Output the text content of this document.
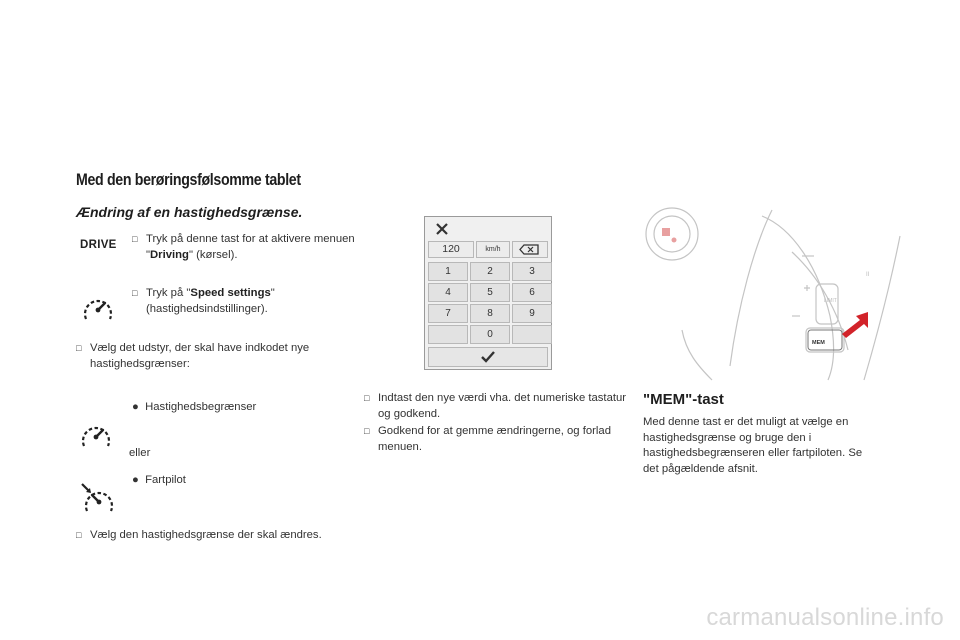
Med den berøringsfølsomme tablet
Ændring af en hastighedsgrænse.
DRIVE □ Tryk på denne tast for at aktivere menuen "Driving" (kørsel).
□ Tryk på "Speed settings" (hastighedsindstillinger).
□ Vælg det udstyr, der skal have indkodet nye hastighedsgrænser:
●  Hastighedsbegrænser
eller
●  Fartpilot
□ Vælg den hastighedsgrænse der skal ændres.
120	km/h
1	2	3
4	5	6
7	8	9
0
□ Indtast den nye værdi vha. det numeriske tastatur og godkend.
□ Godkend for at gemme ændringerne, og forlad menuen.
II
LIMIT
MEM
"MEM"-tast
Med denne tast er det muligt at vælge en hastighedsgrænse og bruge den i hastighedsbegrænseren eller fartpiloten. Se det pågældende afsnit.
carmanualsonline.info
